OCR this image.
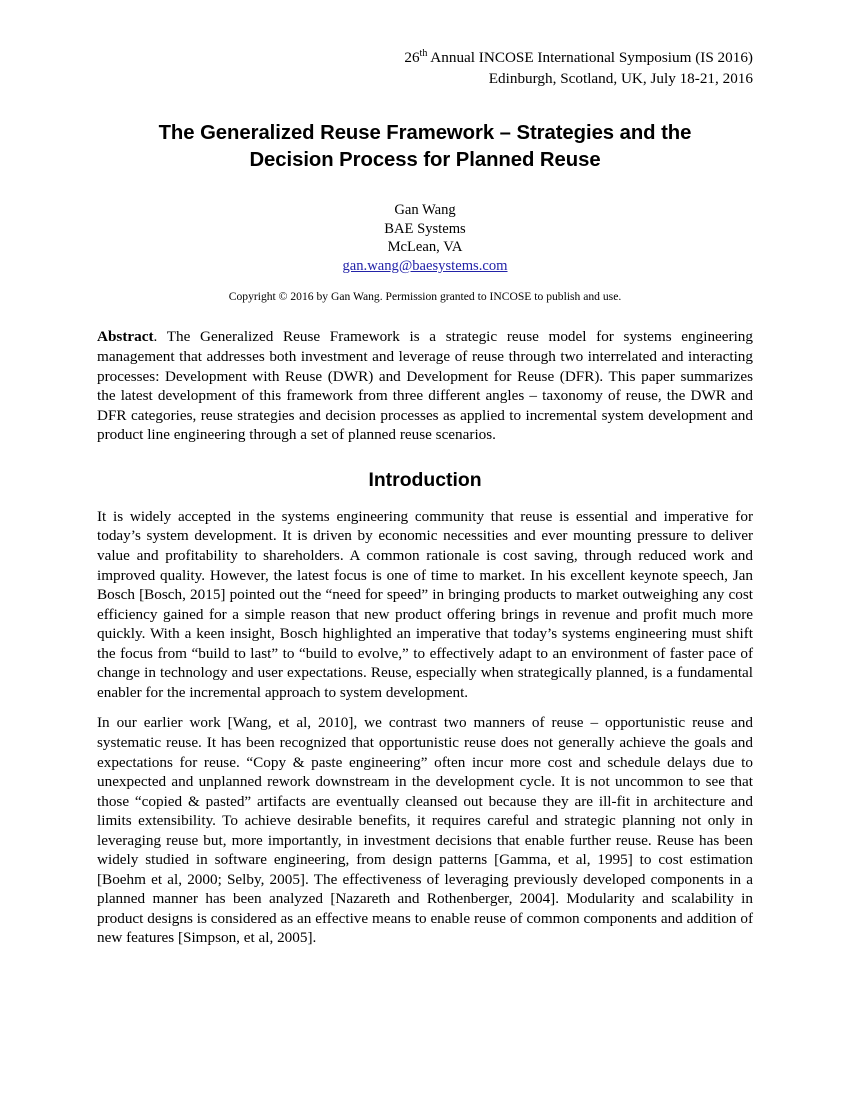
26th Annual INCOSE International Symposium (IS 2016)
Edinburgh, Scotland, UK, July 18-21, 2016
The Generalized Reuse Framework – Strategies and the Decision Process for Planned Reuse
Gan Wang
BAE Systems
McLean, VA
gan.wang@baesystems.com
Copyright © 2016 by Gan Wang. Permission granted to INCOSE to publish and use.

Abstract. The Generalized Reuse Framework is a strategic reuse model for systems engineering management that addresses both investment and leverage of reuse through two interrelated and interacting processes: Development with Reuse (DWR) and Development for Reuse (DFR). This paper summarizes the latest development of this framework from three different angles – taxonomy of reuse, the DWR and DFR categories, reuse strategies and decision processes as applied to incremental system development and product line engineering through a set of planned reuse scenarios.

Introduction

It is widely accepted in the systems engineering community that reuse is essential and imperative for today’s system development. It is driven by economic necessities and ever mounting pressure to deliver value and profitability to shareholders. A common rationale is cost saving, through reduced work and improved quality. However, the latest focus is one of time to market. In his excellent keynote speech, Jan Bosch [Bosch, 2015] pointed out the “need for speed” in bringing products to market outweighing any cost efficiency gained for a simple reason that new product offering brings in revenue and profit much more quickly. With a keen insight, Bosch highlighted an imperative that today’s systems engineering must shift the focus from “build to last” to “build to evolve,” to effectively adapt to an environment of faster pace of change in technology and user expectations. Reuse, especially when strategically planned, is a fundamental enabler for the incremental approach to system development.

In our earlier work [Wang, et al, 2010], we contrast two manners of reuse – opportunistic reuse and systematic reuse. It has been recognized that opportunistic reuse does not generally achieve the goals and expectations for reuse. “Copy & paste engineering” often incur more cost and schedule delays due to unexpected and unplanned rework downstream in the development cycle. It is not uncommon to see that those “copied & pasted” artifacts are eventually cleansed out because they are ill-fit in architecture and limits extensibility. To achieve desirable benefits, it requires careful and strategic planning not only in leveraging reuse but, more importantly, in investment decisions that enable further reuse. Reuse has been widely studied in software engineering, from design patterns [Gamma, et al, 1995] to cost estimation [Boehm et al, 2000; Selby, 2005]. The effectiveness of leveraging previously developed components in a planned manner has been analyzed [Nazareth and Rothenberger, 2004]. Modularity and scalability in product designs is considered as an effective means to enable reuse of common components and addition of new features [Simpson, et al, 2005].
